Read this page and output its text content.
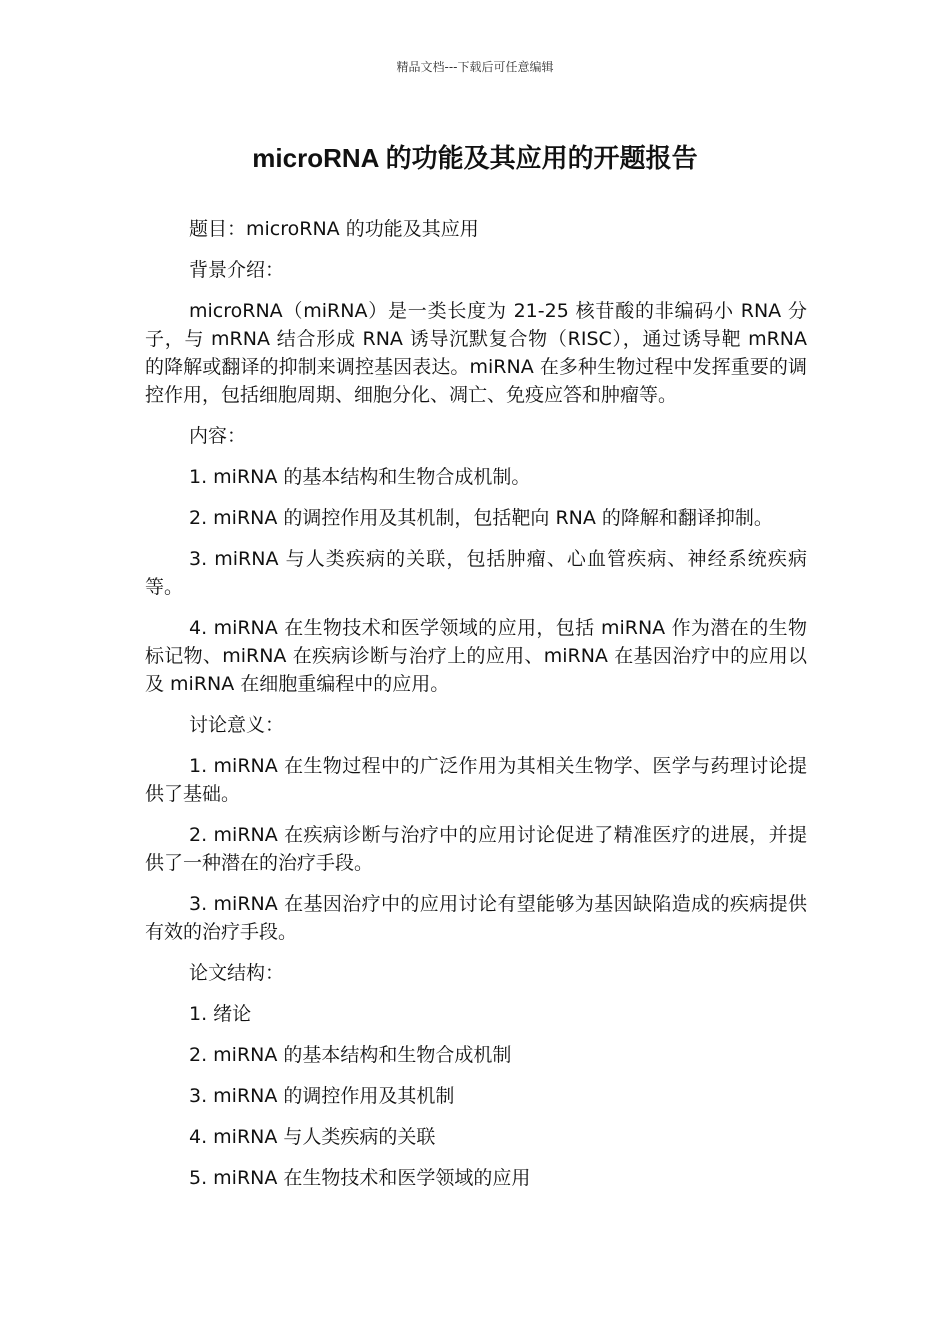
精品文档---下载后可任意编辑
microRNA 的功能及其应用的开题报告

题目：microRNA 的功能及其应用

背景介绍：

microRNA（miRNA）是一类长度为 21-25 核苷酸的非编码小 RNA 分子，与 mRNA 结合形成 RNA 诱导沉默复合物（RISC），通过诱导靶 mRNA 的降解或翻译的抑制来调控基因表达。miRNA 在多种生物过程中发挥重要的调控作用，包括细胞周期、细胞分化、凋亡、免疫应答和肿瘤等。

内容：

1. miRNA 的基本结构和生物合成机制。

2. miRNA 的调控作用及其机制，包括靶向 RNA 的降解和翻译抑制。

3. miRNA 与人类疾病的关联，包括肿瘤、心血管疾病、神经系统疾病等。

4. miRNA 在生物技术和医学领域的应用，包括 miRNA 作为潜在的生物标记物、miRNA 在疾病诊断与治疗上的应用、miRNA 在基因治疗中的应用以及 miRNA 在细胞重编程中的应用。

讨论意义：

1. miRNA 在生物过程中的广泛作用为其相关生物学、医学与药理讨论提供了基础。

2. miRNA 在疾病诊断与治疗中的应用讨论促进了精准医疗的进展，并提供了一种潜在的治疗手段。

3. miRNA 在基因治疗中的应用讨论有望能够为基因缺陷造成的疾病提供有效的治疗手段。

论文结构：

1. 绪论

2. miRNA 的基本结构和生物合成机制

3. miRNA 的调控作用及其机制

4. miRNA 与人类疾病的关联

5. miRNA 在生物技术和医学领域的应用
